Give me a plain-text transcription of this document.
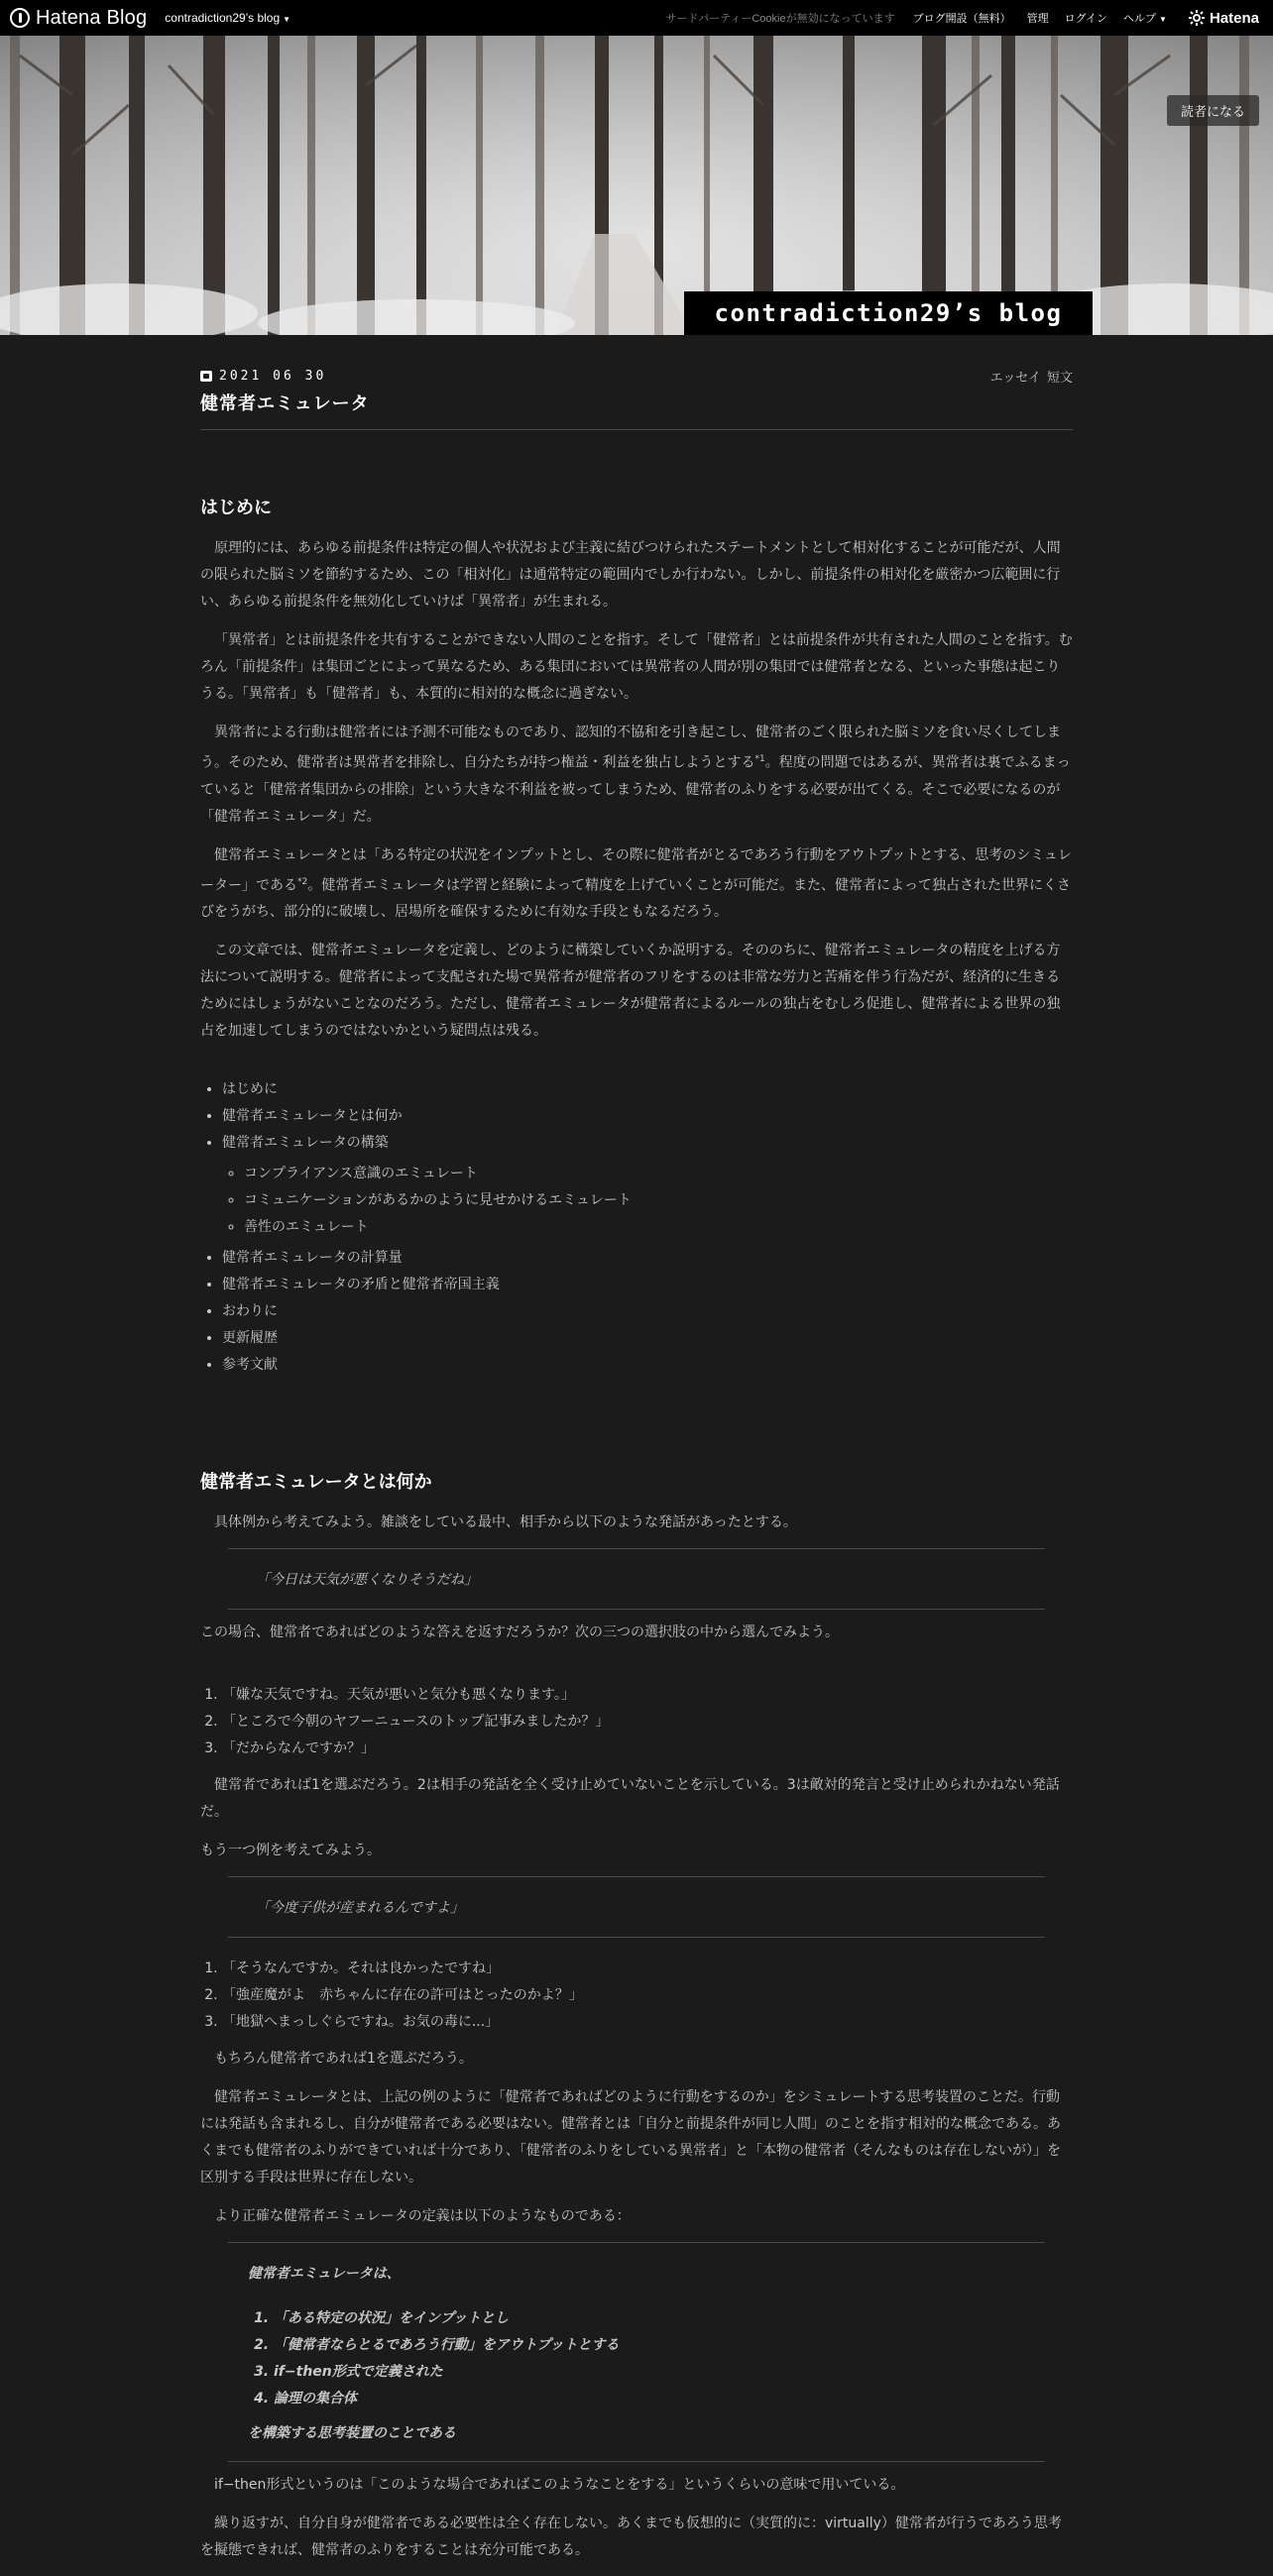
Hatena Blog contradiction29’s blog ▼	サードパーティーCookieが無効になっています ブログ開設（無料） 管理 ログイン ヘルプ ▼	Hatena
読者になる
contradiction29’s blog
2021 06 30	エッセイ 短文
健常者エミュレータ
はじめに

原理的には、あらゆる前提条件は特定の個人や状況および主義に結びつけられたステートメントとして相対化することが可能だが、人間の限られた脳ミソを節約するため、この「相対化」は通常特定の範囲内でしか行わない。しかし、前提条件の相対化を厳密かつ広範囲に行い、あらゆる前提条件を無効化していけば「異常者」が生まれる。

「異常者」とは前提条件を共有することができない人間のことを指す。そして「健常者」とは前提条件が共有された人間のことを指す。むろん「前提条件」は集団ごとによって異なるため、ある集団においては異常者の人間が別の集団では健常者となる、といった事態は起こりうる。「異常者」も「健常者」も、本質的に相対的な概念に過ぎない。

異常者による行動は健常者には予測不可能なものであり、認知的不協和を引き起こし、健常者のごく限られた脳ミソを食い尽くしてしまう。そのため、健常者は異常者を排除し、自分たちが持つ権益・利益を独占しようとする$^{*1}$。程度の問題ではあるが、異常者は裏でふるまっていると「健常者集団からの排除」という大きな不利益を被ってしまうため、健常者のふりをする必要が出てくる。そこで必要になるのが「健常者エミュレータ」だ。

健常者エミュレータとは「ある特定の状況をインプットとし、その際に健常者がとるであろう行動をアウトプットとする、思考のシミュレーター」である$^{*2}$。健常者エミュレータは学習と経験によって精度を上げていくことが可能だ。また、健常者によって独占された世界にくさびをうがち、部分的に破壊し、居場所を確保するために有効な手段ともなるだろう。

この文章では、健常者エミュレータを定義し、どのように構築していくか説明する。そののちに、健常者エミュレータの精度を上げる方法について説明する。健常者によって支配された場で異常者が健常者のフリをするのは非常な労力と苦痛を伴う行為だが、経済的に生きるためにはしょうがないことなのだろう。ただし、健常者エミュレータが健常者によるルールの独占をむしろ促進し、健常者による世界の独占を加速してしまうのではないかという疑問点は残る。

• はじめに
• 健常者エミュレータとは何か
• 健常者エミュレータの構築
◦ コンプライアンス意識のエミュレート
◦ コミュニケーションがあるかのように見せかけるエミュレート
◦ 善性のエミュレート
• 健常者エミュレータの計算量
• 健常者エミュレータの矛盾と健常者帝国主義
• おわりに
• 更新履歴
• 参考文献
健常者エミュレータとは何か

具体例から考えてみよう。雑談をしている最中、相手から以下のような発話があったとする。

「今日は天気が悪くなりそうだね」

この場合、健常者であればどのような答えを返すだろうか？次の三つの選択肢の中から選んでみよう。

1. 「嫌な天気ですね。天気が悪いと気分も悪くなります。」
2. 「ところで今朝のヤフーニュースのトップ記事みましたか？」
3. 「だからなんですか？」

健常者であれば1を選ぶだろう。2は相手の発話を全く受け止めていないことを示している。3は敵対的発言と受け止められかねない発話だ。

もう一つ例を考えてみよう。

「今度子供が産まれるんですよ」
1. 「そうなんですか。それは良かったですね」
2. 「強産魔がよ　赤ちゃんに存在の許可はとったのかよ？」
3. 「地獄へまっしぐらですね。お気の毒に...」

もちろん健常者であれば1を選ぶだろう。

健常者エミュレータとは、上記の例のように「健常者であればどのように行動をするのか」をシミュレートする思考装置のことだ。行動には発話も含まれるし、自分が健常者である必要はない。健常者とは「自分と前提条件が同じ人間」のことを指す相対的な概念である。あくまでも健常者のふりができていれば十分であり、「健常者のふりをしている異常者」と「本物の健常者（そんなものは存在しないが）」を区別する手段は世界に存在しない。

より正確な健常者エミュレータの定義は以下のようなものである：

健常者エミュレータは、
1. 「ある特定の状況」をインプットとし
2. 「健常者ならとるであろう行動」をアウトプットとする
3. if−then形式で定義された
4. 論理の集合体
を構築する思考装置のことである

if−then形式というのは「このような場合であればこのようなことをする」というくらいの意味で用いている。

繰り返すが、自分自身が健常者である必要性は全く存在しない。あくまでも仮想的に（実質的に：virtually）健常者が行うであろう思考を擬態できれば、健常者のふりをすることは充分可能である。
